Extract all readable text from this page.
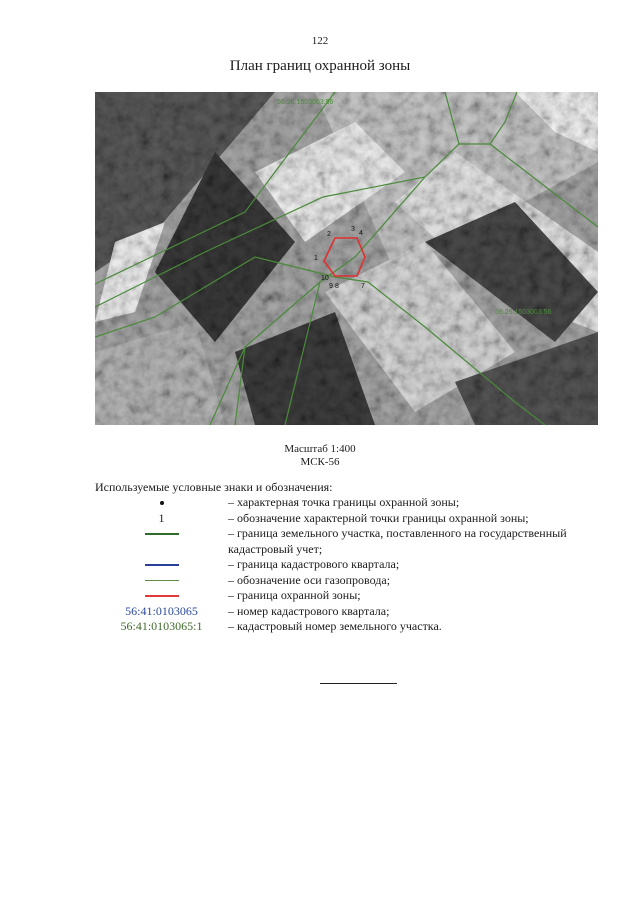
122
План границ охранной зоны
1
2
3
4
7
8
9
10
56:26:1503003:56
56:26:1503003:56
Масштаб 1:400
МСК-56
Используемые условные знаки и обозначения:
– характерная точка границы охранной зоны;
1	– обозначение характерной точки границы охранной зоны;
– граница земельного участка, поставленного на государственный кадастровый учет;
– граница кадастрового квартала;
– обозначение оси газопровода;
– граница охранной зоны;
56:41:0103065	– номер кадастрового квартала;
56:41:0103065:1 – кадастровый номер земельного участка.
